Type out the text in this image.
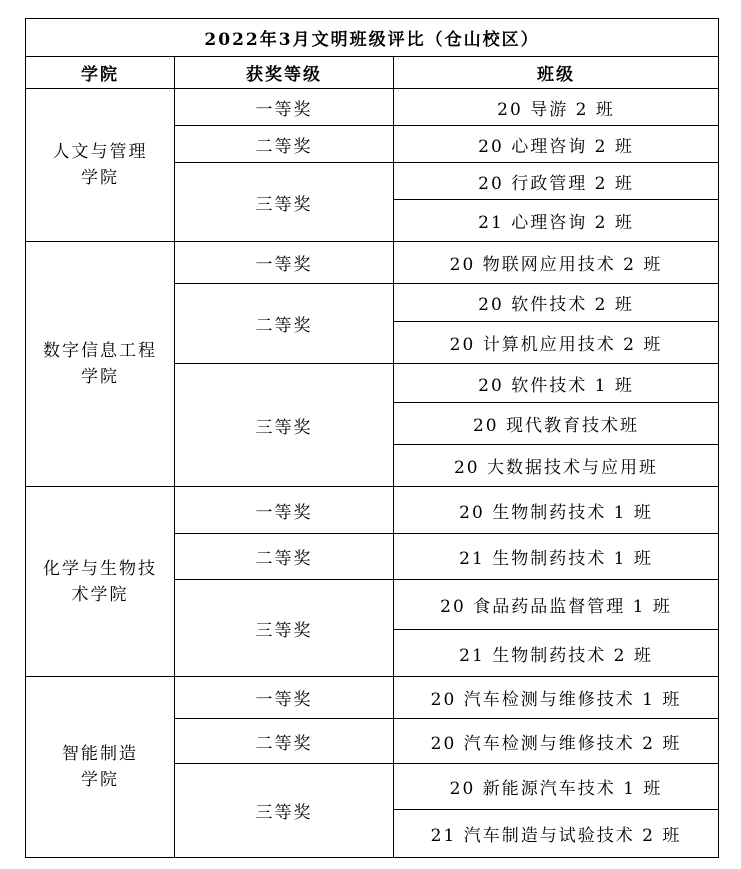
2022年3月文明班级评比（仓山校区）		
学院	获奖等级	班级

人文与管理
学院	一等奖	20 导游 2 班
	二等奖	20 心理咨询 2 班
	三等奖	20 行政管理 2 班
		21 心理咨询 2 班

数字信息工程
学院	一等奖	20 物联网应用技术 2 班
	二等奖	20 软件技术 2 班
		20 计算机应用技术 2 班
	三等奖	20 软件技术 1 班
		20 现代教育技术班
		20 大数据技术与应用班

化学与生物技
术学院	一等奖	20 生物制药技术 1 班
	二等奖	21 生物制药技术 1 班
	三等奖	20 食品药品监督管理 1 班
		21 生物制药技术 2 班

智能制造
学院	一等奖	20 汽车检测与维修技术 1 班
	二等奖	20 汽车检测与维修技术 2 班
	三等奖	20 新能源汽车技术 1 班
		21 汽车制造与试验技术 2 班
